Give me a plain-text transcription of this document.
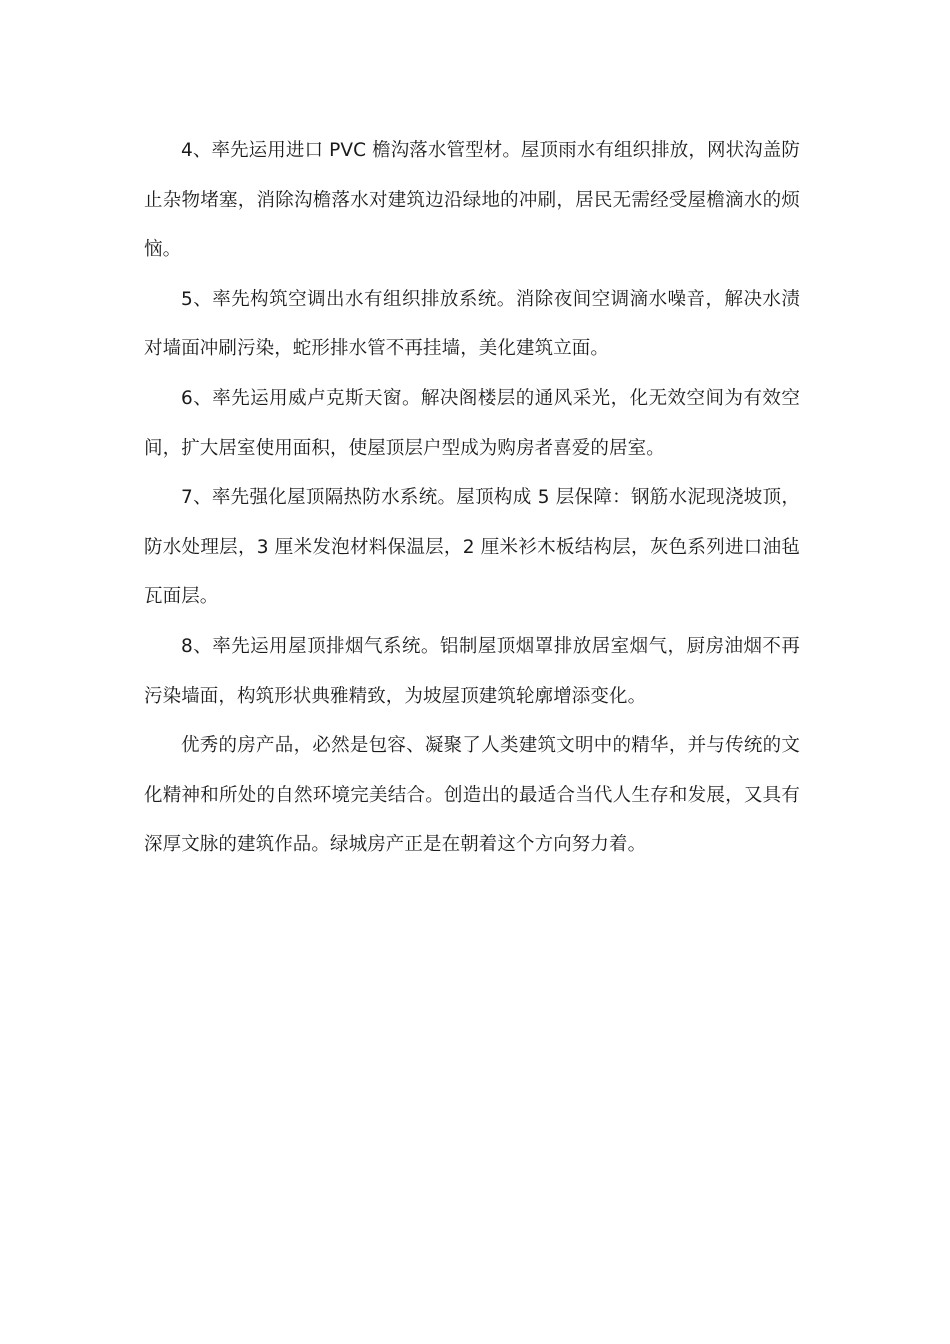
4、率先运用进口 PVC 檐沟落水管型材。屋顶雨水有组织排放，网状沟盖防止杂物堵塞，消除沟檐落水对建筑边沿绿地的冲刷，居民无需经受屋檐滴水的烦恼。

5、率先构筑空调出水有组织排放系统。消除夜间空调滴水噪音，解决水渍对墙面冲刷污染，蛇形排水管不再挂墙，美化建筑立面。

6、率先运用威卢克斯天窗。解决阁楼层的通风采光，化无效空间为有效空间，扩大居室使用面积，使屋顶层户型成为购房者喜爱的居室。

7、率先强化屋顶隔热防水系统。屋顶构成 5 层保障：钢筋水泥现浇坡顶，防水处理层，3 厘米发泡材料保温层，2 厘米衫木板结构层，灰色系列进口油毡瓦面层。

8、率先运用屋顶排烟气系统。铝制屋顶烟罩排放居室烟气，厨房油烟不再污染墙面，构筑形状典雅精致，为坡屋顶建筑轮廓增添变化。

优秀的房产品，必然是包容、凝聚了人类建筑文明中的精华，并与传统的文化精神和所处的自然环境完美结合。创造出的最适合当代人生存和发展，又具有深厚文脉的建筑作品。绿城房产正是在朝着这个方向努力着。
